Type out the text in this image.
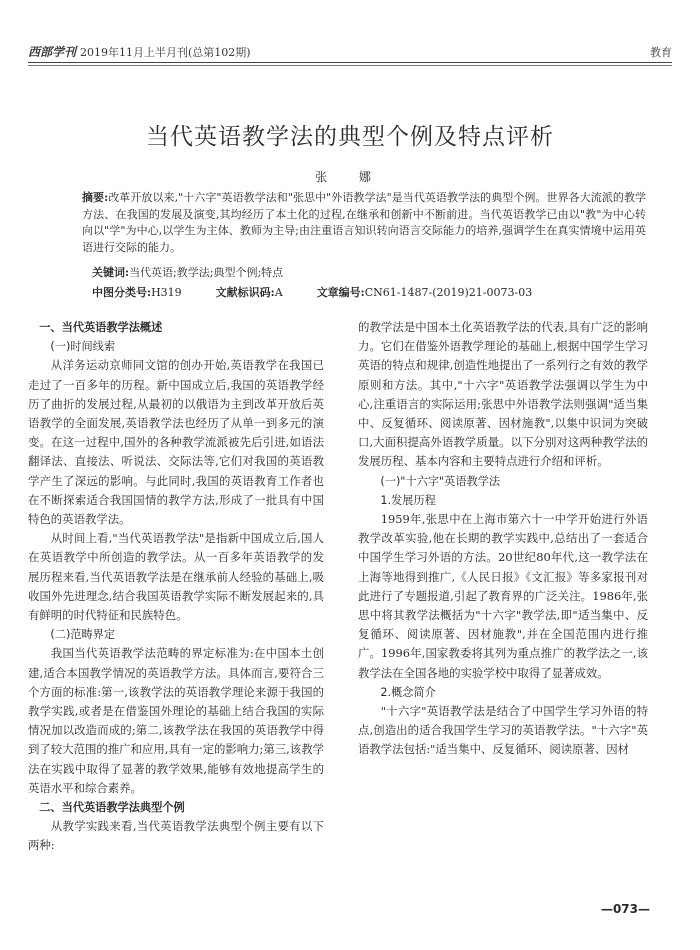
西部学刊 2019年11月上半月刊(总第102期)	教育
当代英语教学法的典型个例及特点评析
张 娜
摘要:改革开放以来,"十六字"英语教学法和"张思中"外语教学法"是当代英语教学法的典型个例。世界各大流派的教学方法、在我国的发展及演变,其均经历了本土化的过程,在继承和创新中不断前进。当代英语教学已由以"教"为中心转向以"学"为中心,以学生为主体、教师为主导;由注重语言知识转向语言交际能力的培养,强调学生在真实情境中运用英语进行交际的能力。
关键词:当代英语;教学法;典型个例;特点
中图分类号:H319	文献标识码:A	文章编号:CN61-1487-(2019)21-0073-03

一、当代英语教学法概述

(一)时间线索

从洋务运动京师同文馆的创办开始,英语教学在我国已走过了一百多年的历程。新中国成立后,我国的英语教学经历了曲折的发展过程,从最初的以俄语为主到改革开放后英语教学的全面发展,英语教学法也经历了从单一到多元的演变。在这一过程中,国外的各种教学流派被先后引进,如语法翻译法、直接法、听说法、交际法等,它们对我国的英语教学产生了深远的影响。与此同时,我国的英语教育工作者也在不断探索适合我国国情的教学方法,形成了一批具有中国特色的英语教学法。

从时间上看,"当代英语教学法"是指新中国成立后,国人在英语教学中所创造的教学法。从一百多年英语教学的发展历程来看,当代英语教学法是在继承前人经验的基础上,吸收国外先进理念,结合我国英语教学实际不断发展起来的,具有鲜明的时代特征和民族特色。

(二)范畴界定

我国当代英语教学法范畴的界定标准为:在中国本土创建,适合本国教学情况的英语教学方法。具体而言,要符合三个方面的标准:第一,该教学法的英语教学理论来源于我国的教学实践,或者是在借鉴国外理论的基础上结合我国的实际情况加以改造而成的;第二,该教学法在我国的英语教学中得到了较大范围的推广和应用,具有一定的影响力;第三,该教学法在实践中取得了显著的教学效果,能够有效地提高学生的英语水平和综合素养。

二、当代英语教学法典型个例

从教学实践来看,当代英语教学法典型个例主要有以下两种:

的教学法是中国本土化英语教学法的代表,具有广泛的影响力。它们在借鉴外语教学理论的基础上,根据中国学生学习英语的特点和规律,创造性地提出了一系列行之有效的教学原则和方法。其中,"十六字"英语教学法强调以学生为中心,注重语言的实际运用;张思中外语教学法则强调"适当集中、反复循环、阅读原著、因材施教",以集中识词为突破口,大面积提高外语教学质量。以下分别对这两种教学法的发展历程、基本内容和主要特点进行介绍和评析。

(一)"十六字"英语教学法

1.发展历程

1959年,张思中在上海市第六十一中学开始进行外语教学改革实验,他在长期的教学实践中,总结出了一套适合中国学生学习外语的方法。20世纪80年代,这一教学法在上海等地得到推广,《人民日报》《文汇报》等多家报刊对此进行了专题报道,引起了教育界的广泛关注。1986年,张思中将其教学法概括为"十六字"教学法,即"适当集中、反复循环、阅读原著、因材施教",并在全国范围内进行推广。1996年,国家教委将其列为重点推广的教学法之一,该教学法在全国各地的实验学校中取得了显著成效。

2.概念简介

"十六字"英语教学法是结合了中国学生学习外语的特点,创造出的适合我国学生学习的英语教学法。"十六字"英语教学法包括:"适当集中、反复循环、阅读原著、因材

—073—
